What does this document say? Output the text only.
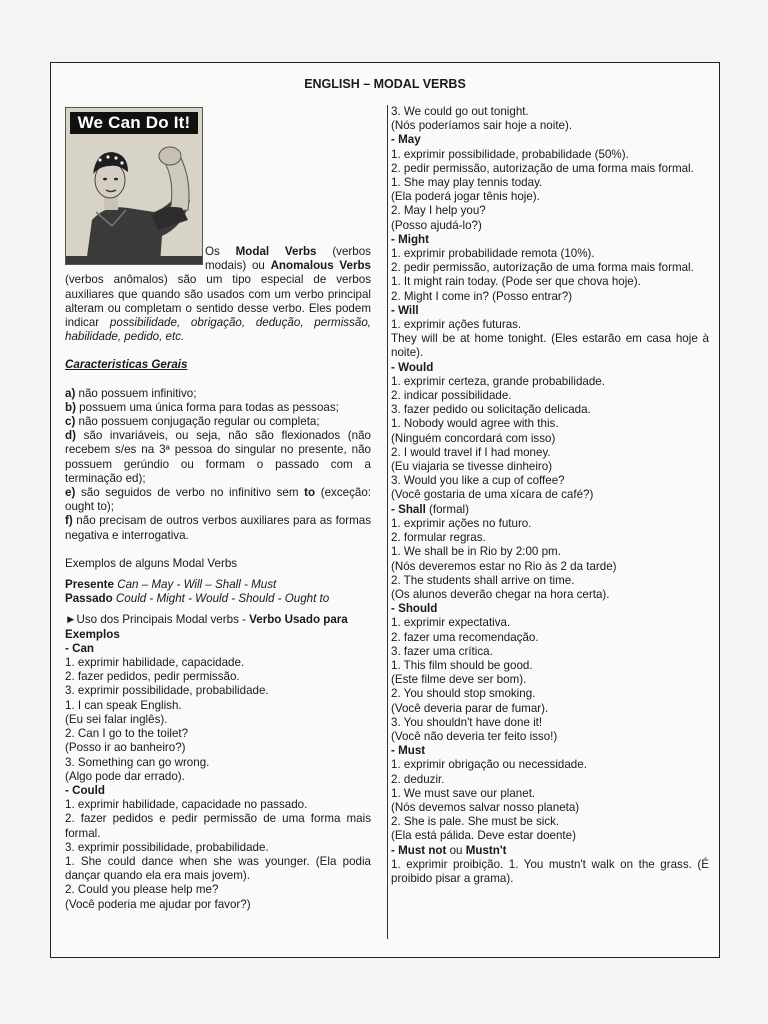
ENGLISH – MODAL VERBS
We Can Do It!

Os Modal Verbs (verbos modais) ou Anomalous Verbs (verbos anômalos) são um tipo especial de verbos auxiliares que quando são usados com um verbo principal alteram ou completam o sentido desse verbo. Eles podem indicar possibilidade, obrigação, dedução, permissão, habilidade, pedido, etc.

Caracteristicas Gerais

a) não possuem infinitivo;

b) possuem uma única forma para todas as pessoas;

c) não possuem conjugação regular ou completa;

d) são invariáveis, ou seja, não são flexionados (não recebem s/es na 3ª pessoa do singular no presente, não possuem gerúndio ou formam o passado com a terminação ed);

e) são seguidos de verbo no infinitivo sem to (exceção: ought to);

f) não precisam de outros verbos auxiliares para as formas negativa e interrogativa.

Exemplos de alguns Modal Verbs

Presente Can – May - Will – Shall - Must

Passado Could - Might - Would - Should - Ought to

►Uso dos Principais Modal verbs - Verbo Usado para Exemplos

- Can

1. exprimir habilidade, capacidade.

2. fazer pedidos, pedir permissão.

3. exprimir possibilidade, probabilidade.

1. I can speak English.

(Eu sei falar inglês).

2. Can I go to the toilet?

(Posso ir ao banheiro?)

3. Something can go wrong.

(Algo pode dar errado).

- Could

1. exprimir habilidade, capacidade no passado.

2. fazer pedidos e pedir permissão de uma forma mais formal.

3. exprimir possibilidade, probabilidade.

1. She could dance when she was younger. (Ela podia dançar quando ela era mais jovem).

2. Could you please help me?

(Você poderia me ajudar por favor?)

3. We could go out tonight.

(Nós poderíamos sair hoje a noite).

- May

1. exprimir possibilidade, probabilidade (50%).

2. pedir permissão, autorização de uma forma mais formal.

1. She may play tennis today.

(Ela poderá jogar tênis hoje).

2. May I help you?

(Posso ajudá-lo?)

- Might

1. exprimir probabilidade remota (10%).

2. pedir permissão, autorização de uma forma mais formal.

1. It might rain today. (Pode ser que chova hoje).

2. Might I come in? (Posso entrar?)

- Will

1. exprimir ações futuras.

They will be at home tonight. (Eles estarão em casa hoje à noite).

- Would

1. exprimir certeza, grande probabilidade.

2. indicar possibilidade.

3. fazer pedido ou solicitação delicada.

1. Nobody would agree with this.

(Ninguém concordará com isso)

2. I would travel if I had money.

(Eu viajaria se tivesse dinheiro)

3. Would you like a cup of coffee?

(Você gostaria de uma xícara de café?)

- Shall (formal)

1. exprimir ações no futuro.

2. formular regras.

1. We shall be in Rio by 2:00 pm.

(Nós deveremos estar no Rio às 2 da tarde)

2. The students shall arrive on time.

(Os alunos deverão chegar na hora certa).

- Should

1. exprimir expectativa.

2. fazer uma recomendação.

3. fazer uma crítica.

1. This film should be good.

(Este filme deve ser bom).

2. You should stop smoking.

(Você deveria parar de fumar).

3. You shouldn't have done it!

(Você não deveria ter feito isso!)

- Must

1. exprimir obrigação ou necessidade.

2. deduzir.

1. We must save our planet.

(Nós devemos salvar nosso planeta)

2. She is pale. She must be sick.

(Ela está pálida. Deve estar doente)

- Must not ou Mustn't

1. exprimir proibição. 1. You mustn't walk on the grass. (É proibido pisar a grama).
